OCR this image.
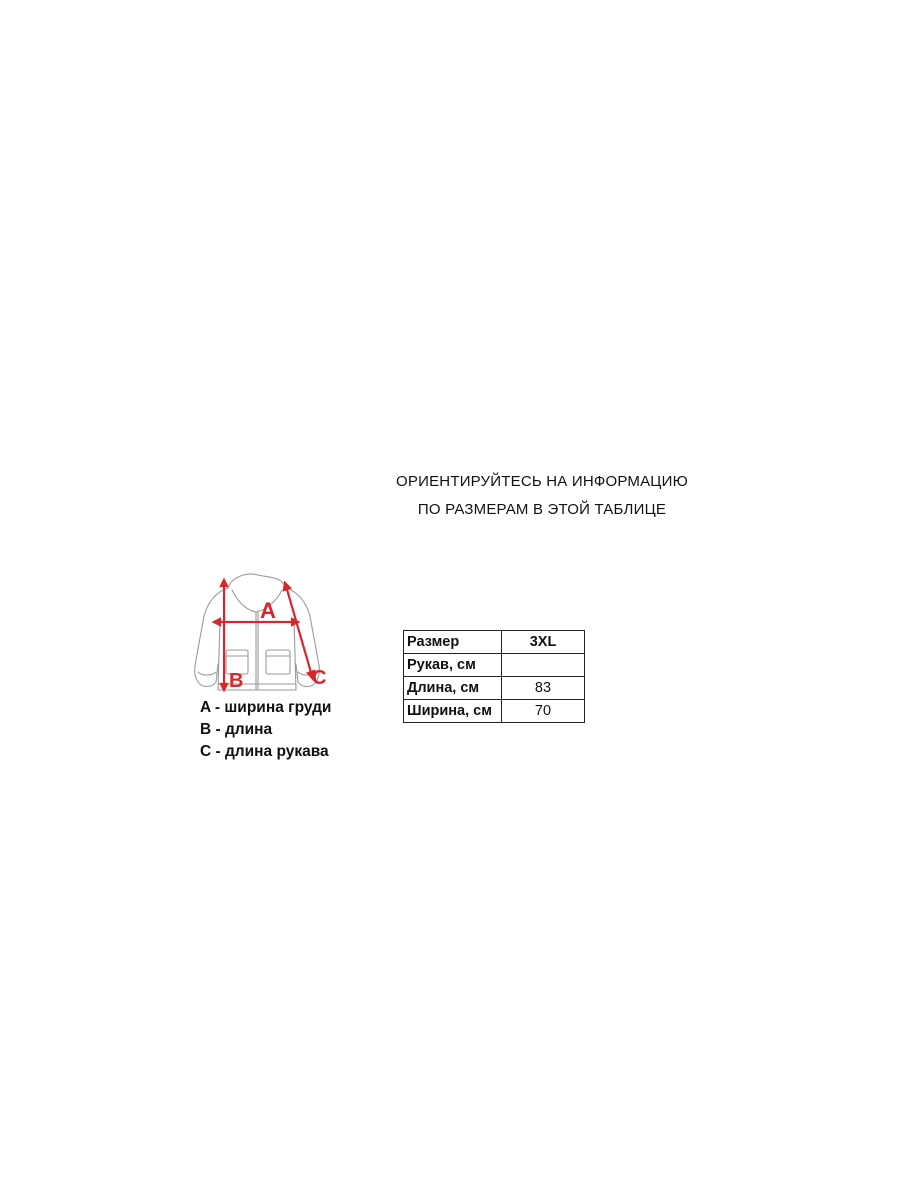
ОРИЕНТИРУЙТЕСЬ НА ИНФОРМАЦИЮ
ПО РАЗМЕРАМ В ЭТОЙ ТАБЛИЦЕ
A
B	C
A - ширина груди
B - длина
C - длина рукава
Размер	3XL
Рукав, см	
Длина, см	83
Ширина, см	70
